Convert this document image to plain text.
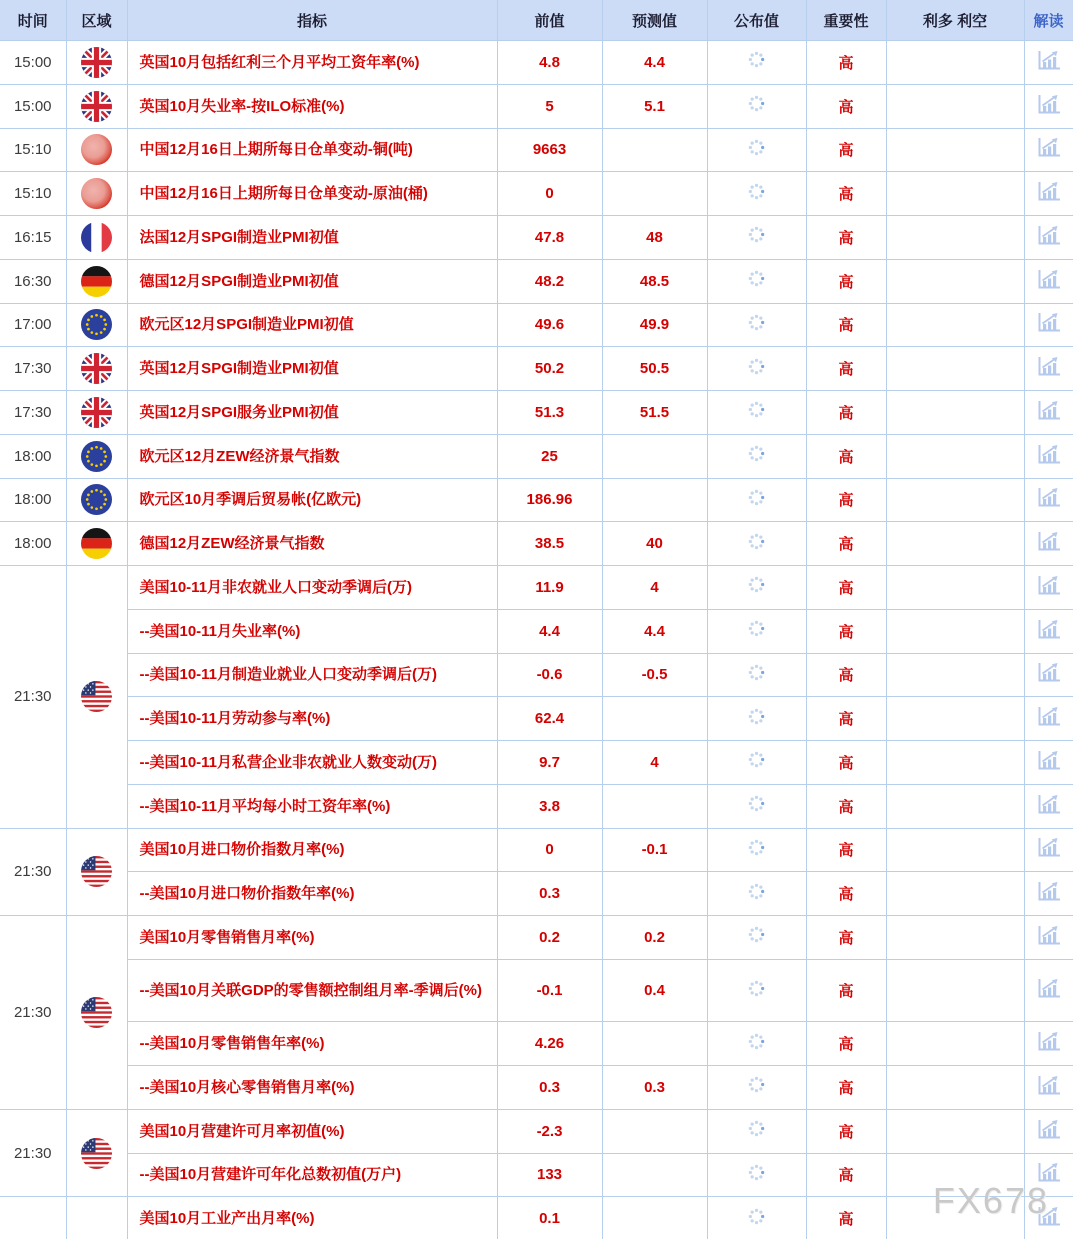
时间	区域	指标	前值	预测值	公布值	重要性	利多 利空	解读
15:00		英国10月包括红利三个月平均工资年率(%)	4.8	4.4		高		
15:00		英国10月失业率-按ILO标准(%)	5	5.1		高		
15:10		中国12月16日上期所每日仓单变动-铜(吨)	9663			高		
15:10		中国12月16日上期所每日仓单变动-原油(桶)	0			高		
16:15		法国12月SPGI制造业PMI初值	47.8	48		高		
16:30		德国12月SPGI制造业PMI初值	48.2	48.5		高		
17:00		欧元区12月SPGI制造业PMI初值	49.6	49.9		高		
17:30		英国12月SPGI制造业PMI初值	50.2	50.5		高		
17:30		英国12月SPGI服务业PMI初值	51.3	51.5		高		
18:00		欧元区12月ZEW经济景气指数	25			高		
18:00		欧元区10月季调后贸易帐(亿欧元)	186.96			高		
18:00		德国12月ZEW经济景气指数	38.5	40		高		
21:30		美国10-11月非农就业人口变动季调后(万)	11.9	4		高		
		--美国10-11月失业率(%)	4.4	4.4		高		
		--美国10-11月制造业就业人口变动季调后(万)	-0.6	-0.5		高		
		--美国10-11月劳动参与率(%)	62.4			高		
		--美国10-11月私营企业非农就业人数变动(万)	9.7	4		高		
		--美国10-11月平均每小时工资年率(%)	3.8			高		
21:30		美国10月进口物价指数月率(%)	0	-0.1		高		
		--美国10月进口物价指数年率(%)	0.3			高		
21:30		美国10月零售销售月率(%)	0.2	0.2		高		
		--美国10月关联GDP的零售额控制组月率-季调后(%)	-0.1	0.4		高		
		--美国10月零售销售年率(%)	4.26			高		
		--美国10月核心零售销售月率(%)	0.3	0.3		高		
21:30		美国10月营建许可月率初值(%)	-2.3			高		
		--美国10月营建许可年化总数初值(万户)	133			高		
		美国10月工业产出月率(%)	0.1			高		FX678
